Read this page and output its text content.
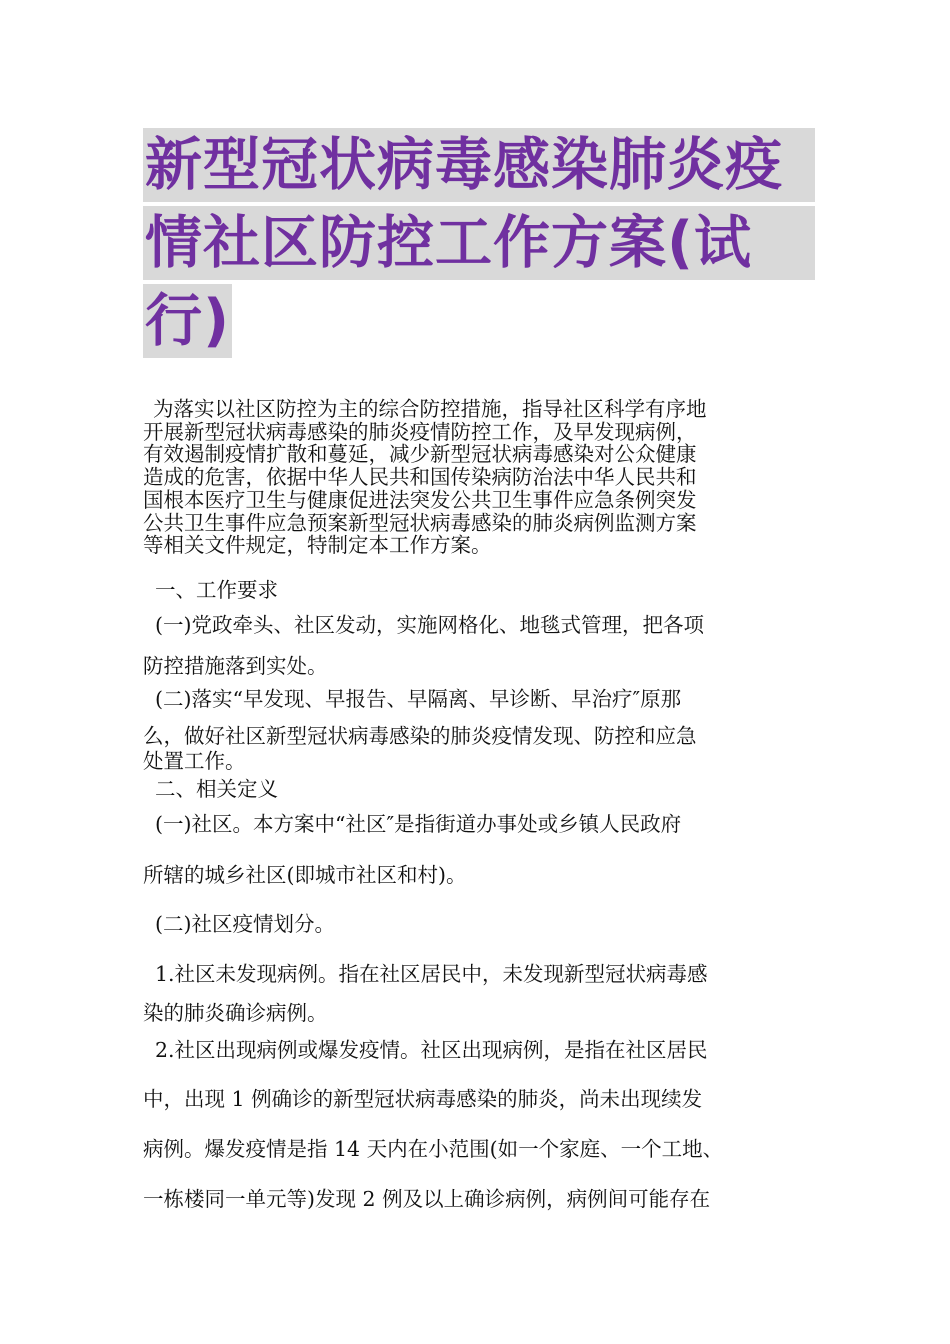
新型冠状病毒感染肺炎疫
情社区防控工作方案(试
行)

为落实以社区防控为主的综合防控措施，指导社区科学有序地

开展新型冠状病毒感染的肺炎疫情防控工作，及早发现病例，

有效遏制疫情扩散和蔓延，减少新型冠状病毒感染对公众健康

造成的危害，依据中华人民共和国传染病防治法中华人民共和

国根本医疗卫生与健康促进法突发公共卫生事件应急条例突发

公共卫生事件应急预案新型冠状病毒感染的肺炎病例监测方案

等相关文件规定，特制定本工作方案。

一、工作要求

(一)党政牵头、社区发动，实施网格化、地毯式管理，把各项

防控措施落到实处。

(二)落实“早发现、早报告、早隔离、早诊断、早治疗″原那

么，做好社区新型冠状病毒感染的肺炎疫情发现、防控和应急

处置工作。

二、相关定义

(一)社区。本方案中“社区″是指街道办事处或乡镇人民政府

所辖的城乡社区(即城市社区和村)。

(二)社区疫情划分。

1.社区未发现病例。指在社区居民中，未发现新型冠状病毒感

染的肺炎确诊病例。

2.社区出现病例或爆发疫情。社区出现病例，是指在社区居民

中，出现 1 例确诊的新型冠状病毒感染的肺炎，尚未出现续发

病例。爆发疫情是指 14 天内在小范围(如一个家庭、一个工地、

一栋楼同一单元等)发现 2 例及以上确诊病例，病例间可能存在
